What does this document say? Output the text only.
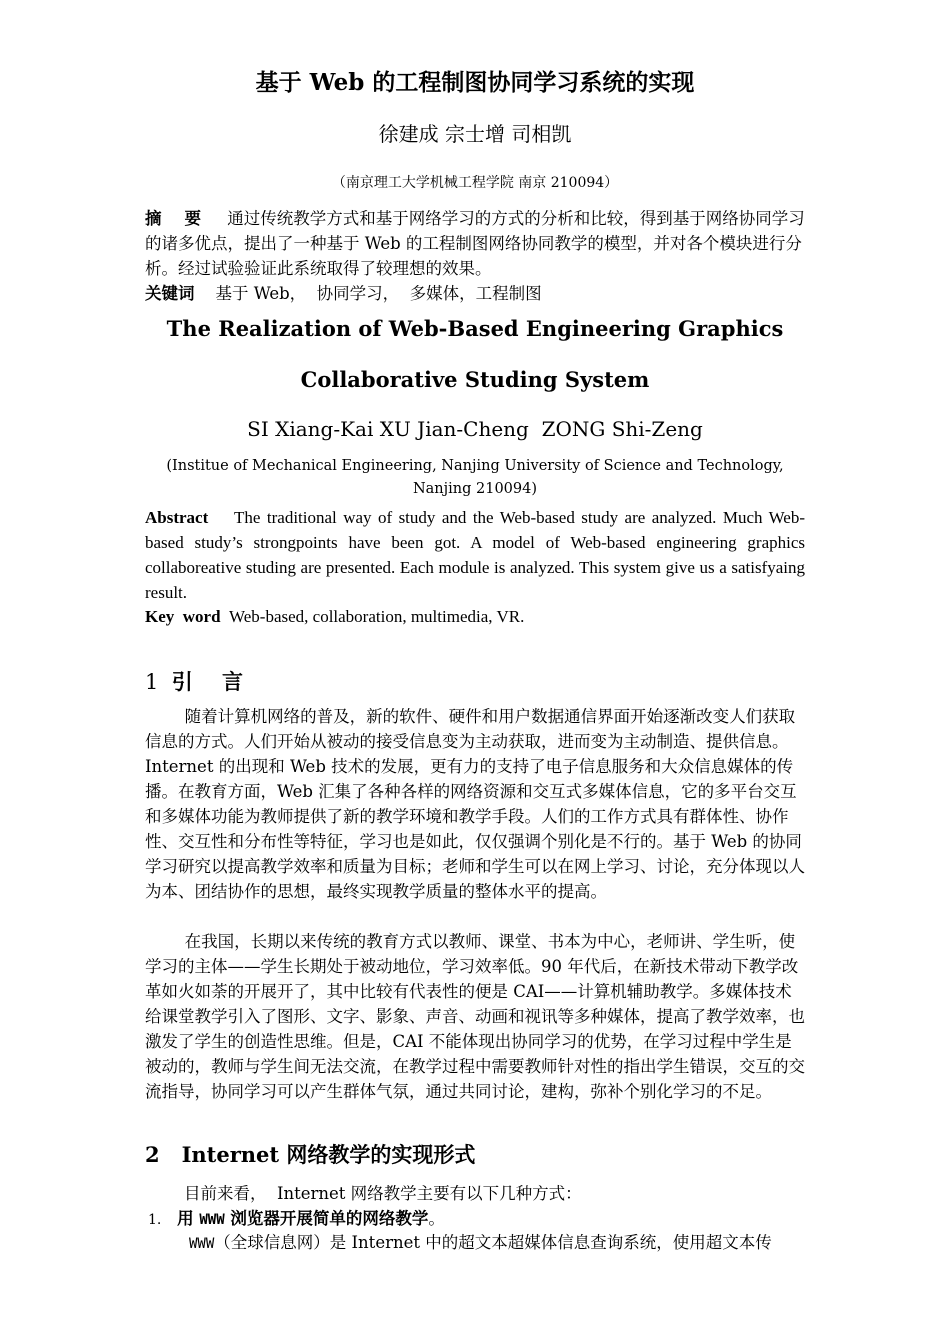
基于 Web 的工程制图协同学习系统的实现
徐建成 宗士增 司相凯
（南京理工大学机械工程学院 南京 210094）

摘    要 通过传统教学方式和基于网络学习的方式的分析和比较，得到基于网络协同学习的诸多优点，提出了一种基于 Web 的工程制图网络协同教学的模型，并对各个模块进行分析。经过试验验证此系统取得了较理想的效果。

关键词 基于 Web，  协同学习，  多媒体，工程制图

The Realization of Web-Based Engineering Graphics
Collaborative Studing System
SI Xiang-Kai XU Jian-Cheng  ZONG Shi-Zeng
(Institue of Mechanical Engineering, Nanjing University of Science and Technology, Nanjing 210094)

Abstract The traditional way of study and the Web-based study are analyzed. Much Web-based study’s strongpoints have been got. A model of Web-based engineering graphics collaboreative studing are presented. Each module is analyzed. This system give us a satisfyaing result.

Key  word Web-based, collaboration, multimedia, VR.

1 引    言

随着计算机网络的普及，新的软件、硬件和用户数据通信界面开始逐渐改变人们获取信息的方式。人们开始从被动的接受信息变为主动获取，进而变为主动制造、提供信息。Internet 的出现和 Web 技术的发展，更有力的支持了电子信息服务和大众信息媒体的传播。在教育方面，Web 汇集了各种各样的网络资源和交互式多媒体信息，它的多平台交互和多媒体功能为教师提供了新的教学环境和教学手段。人们的工作方式具有群体性、协作性、交互性和分布性等特征，学习也是如此，仅仅强调个别化是不行的。基于 Web 的协同学习研究以提高教学效率和质量为目标；老师和学生可以在网上学习、讨论，充分体现以人为本、团结协作的思想，最终实现教学质量的整体水平的提高。

在我国，长期以来传统的教育方式以教师、课堂、书本为中心，老师讲、学生听，使学习的主体——学生长期处于被动地位，学习效率低。90 年代后，在新技术带动下教学改革如火如荼的开展开了，其中比较有代表性的便是 CAI——计算机辅助教学。多媒体技术给课堂教学引入了图形、文字、影象、声音、动画和视讯等多种媒体，提高了教学效率，也激发了学生的创造性思维。但是，CAI 不能体现出协同学习的优势，在学习过程中学生是被动的，教师与学生间无法交流，在教学过程中需要教师针对性的指出学生错误，交互的交流指导，协同学习可以产生群体气氛，通过共同讨论，建构，弥补个别化学习的不足。

2 Internet 网络教学的实现形式
目前来看，  Internet 网络教学主要有以下几种方式：
1. 用 WWW 浏览器开展简单的网络教学。
WWW（全球信息网）是 Internet 中的超文本超媒体信息查询系统，使用超文本传
